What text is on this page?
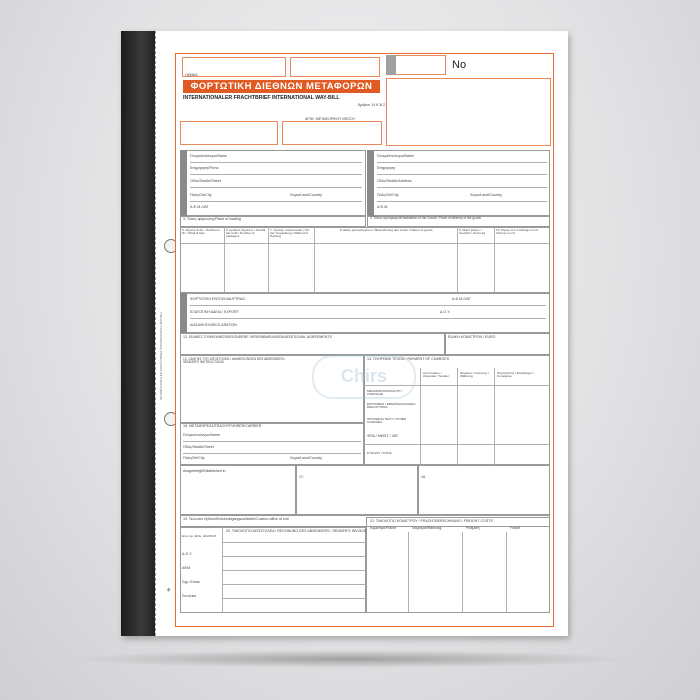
INTERNATIONALER FRACHTBRIEF INTERNATIONAL WAY-BILL
ΗΜ/ΝΙΑ
ΦΟΡΤΩΤΙΚΗ ΔΙΕΘΝΩΝ ΜΕΤΑΦΟΡΩΝ
INTERNATIONALER FRACHTBRIEF INTERNATIONAL WAY-BILL
Άρθρον 14 Κ.Β.Σ.
ΑΡΙΘ. ΜΕΤΑΦΟΡΙΚΟΥ ΜΕΣΟΥ
No
Όνομα/επώνυμο/Name
Επιχείρηση/Firma
Οδός/Straße/Street
Πόλη/Ort/City	Χώρα/Land/Country
Α.Φ.Μ./VAT
Όνομα/επώνυμο/Name
Επιχείρηση
Οδός/Straße/Address
Πόλη/Ort/City	Χώρα/Land/Country
Α.Φ.Μ.
3. Τόπος φόρτωσης/Place of loading	4. Τόπος προορισμού/Destination of the Goods / Place of delivery of the goods
5. Σήματα & Αρ. / Zeichen u. Nr. / Mark & Nos
6. Αριθμός δεμάτων / Anzahl der Colli / Number of packages
7. Τρόπος συσκευασίας / Art der Verpackung / Method of Packing
8. Είδος εμπορευμάτων / Bezeichnung des Gutes / Nature of goods	9. Μικτό βάρος / Gewicht / Gross kg
10. Όγκος m3 / Umfang in m3 / Volume in m3
ΦΟΡΤΩΤΙΚΗ ΕΝΤΟΛΗ/AUFTRAG	Α.Φ.Μ./VAT
ΕΞΑΓΩΓΙΚΗ ΑΔΕΙΑ / EXPORT	Δ.Ο.Υ.
ΔΙΑΣΑΦΗΣΗ/DECLARATION
12. ΕΙΔΙΚΕΣ ΣΥΜΦΩΝΙΕΣ/BESONDERE VEREINBARUNGEN/ADDITIONAL AGREEMENTS	ΕΙΔΙΚΗ ΚΟΜΙΣΤΡΟΝ / EURO
13. ΟΔΗΓΙΕΣ ΤΟΥ ΑΠΟΣΤΟΛΕΑ / ANWEISUNGEN DES ABSENDERS / SENDER'S INSTRUCTIONS
14. ΠΛΗΡΩΜΗ ΤΕΛΩΝ / PAYMENT OF CHARGES
Αποστολέας / Absender / Sender
Νόμισμα / Currency / Währung
Παραλήπτης / Empfänger / Consignee
ΜΕΤΑΦΟΡΙΚΟ/FRACHT / CARRIAGE
ΕΚΠΤΩΣΕΙΣ / ERMÄSSIGUNGEN / DEDUCTIONS
ΠΡΟΣΘΕΤΑ ΤΕΛΗ / OTHER CHARGES
ΦΠΑ / MWST / VAT
ΣΥΝΟΛΟ / TOTAL
Chirs
16. ΜΕΤΑΦΟΡΕΑΣ/FRACHTFÜHRER/CARRIER
Όνομα/επώνυμο/Name
Οδός/Straße/Street
Πόλη/Ort/City	Χώρα/Land/Country
Ausgefertigt/Established in
17.	18.
19. Τελωνείο εξόδου/Einfuhrabgangszollstelle/Custom office of exit
20. ΤΙΜΟΛΟΓΙΟ ΑΠΟΣΤΟΛΕΑ / RECHNUNG DES ABSENDERS / SENDER'S INVOICE
Ετος αρ. ΕΚΔ., ΕΝΑΡΞΗ
Δ.Ο.Υ.
ΑΦΜ
Σημ. Επισκ.
Συνολικό
21. ΤΙΜΟΛΟΓΙΟ ΚΟΜΙΣΤΡΟΥ / FRACHTBERECHNUNG / FREIGHT COSTS
Κομιστρο/Fracht	Νόμισμα/Währung	Ρύθμιση	Fracht
⚜
